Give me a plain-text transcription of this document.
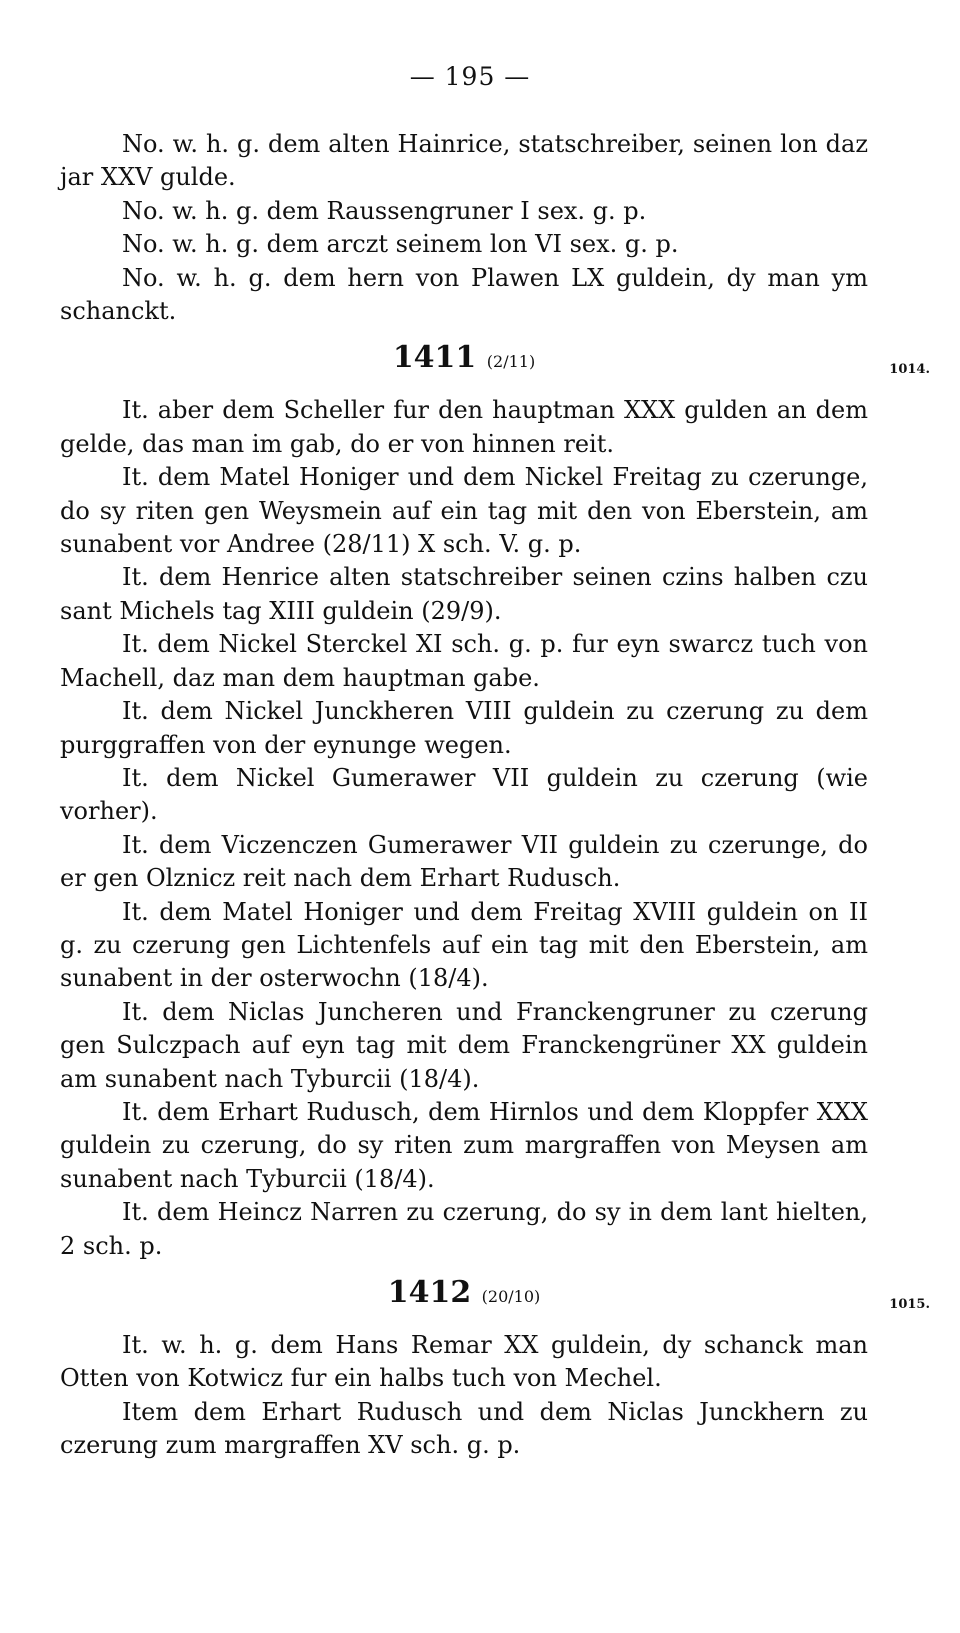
— 195 —

No. w. h. g. dem alten Hainrice, statschreiber, seinen lon daz jar XXV gulde.

No. w. h. g. dem Raussengruner I sex. g. p.

No. w. h. g. dem arczt seinem lon VI sex. g. p.

No. w. h. g. dem hern von Plawen LX guldein, dy man ym schanckt.

1411 (2/11)	1014.

It. aber dem Scheller fur den hauptman XXX gulden an dem gelde, das man im gab, do er von hinnen reit.

It. dem Matel Honiger und dem Nickel Freitag zu czerunge, do sy riten gen Weysmein auf ein tag mit den von Eberstein, am sunabent vor Andree (28/11) X sch. V. g. p.

It. dem Henrice alten statschreiber seinen czins halben czu sant Michels tag XIII guldein (29/9).

It. dem Nickel Sterckel XI sch. g. p. fur eyn swarcz tuch von Machell, daz man dem hauptman gabe.

It. dem Nickel Junckheren VIII guldein zu czerung zu dem purggraffen von der eynunge wegen.

It. dem Nickel Gumerawer VII guldein zu czerung (wie vorher).

It. dem Viczenczen Gumerawer VII guldein zu czerunge, do er gen Olznicz reit nach dem Erhart Rudusch.

It. dem Matel Honiger und dem Freitag XVIII guldein on II g. zu czerung gen Lichtenfels auf ein tag mit den Eberstein, am sunabent in der osterwochn (18/4).

It. dem Niclas Juncheren und Franckengruner zu czerung gen Sulczpach auf eyn tag mit dem Franckengrüner XX guldein am sunabent nach Tyburcii (18/4).

It. dem Erhart Rudusch, dem Hirnlos und dem Kloppfer XXX guldein zu czerung, do sy riten zum margraffen von Meysen am sunabent nach Tyburcii (18/4).

It. dem Heincz Narren zu czerung, do sy in dem lant hielten, 2 sch. p.

1412 (20/10)	1015.

It. w. h. g. dem Hans Remar XX guldein, dy schanck man Otten von Kotwicz fur ein halbs tuch von Mechel.

Item dem Erhart Rudusch und dem Niclas Junckhern zu czerung zum margraffen XV sch. g. p.
